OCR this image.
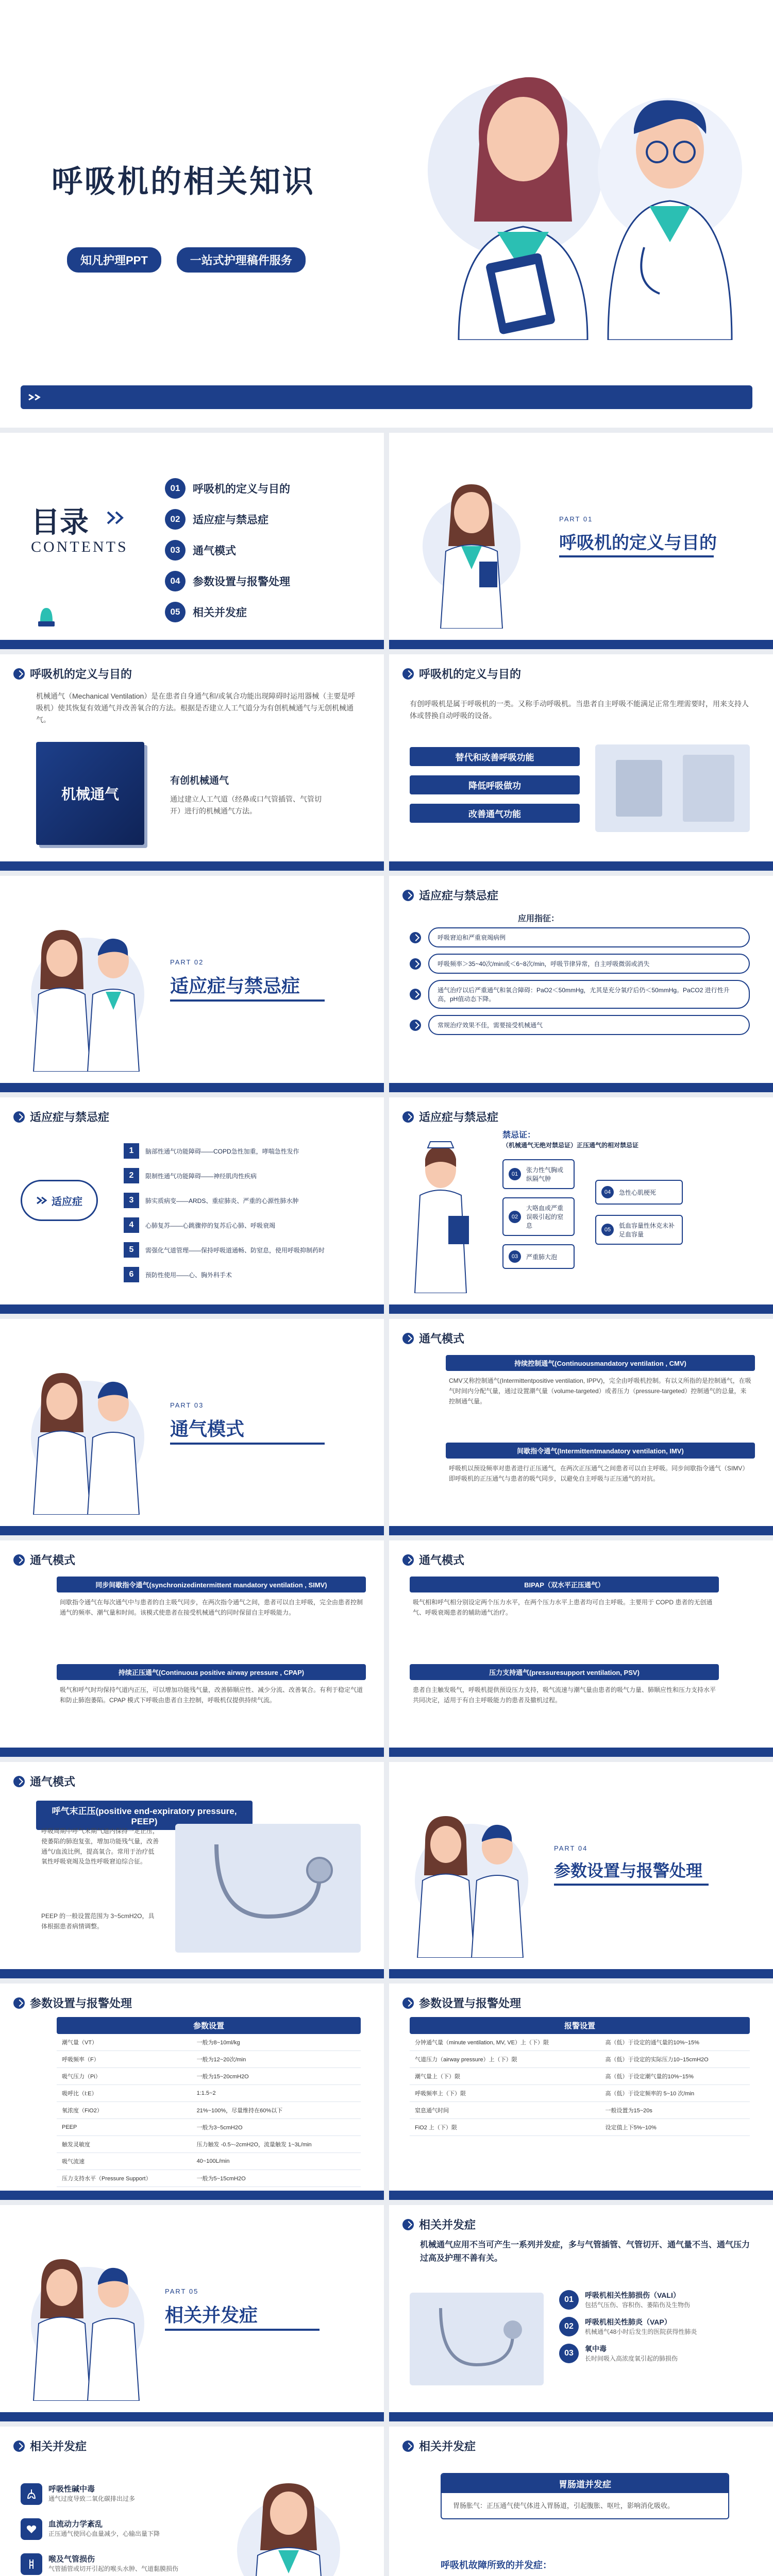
呼吸机的相关知识
知凡护理PPT	一站式护理稿件服务
目录
CONTENTS
01	呼吸机的定义与目的
02	适应症与禁忌症
03	通气模式
04	参数设置与报警处理
05	相关并发症
PART 01
呼吸机的定义与目的
呼吸机的定义与目的
机械通气（Mechanical Ventilation）是在患者自身通气和/或氧合功能出现障碍时运用器械（主要是呼吸机）使其恢复有效通气并改善氧合的方法。根据是否建立人工气道分为有创机械通气与无创机械通气。
机械通气
有创机械通气
通过建立人工气道（经鼻或口气管插管、气管切开）进行的机械通气方法。
呼吸机的定义与目的
有创呼吸机是属于呼吸机的一类。又称手动呼吸机。当患者自主呼吸不能满足正常生理需要时，用来支持人体或替换自动呼吸的设备。
替代和改善呼吸功能
降低呼吸做功
改善通气功能
PART 02
适应症与禁忌症
适应症与禁忌症
应用指征：
呼吸窘迫和严重衰竭病例
呼吸频率＞35~40次/min或＜6~8次/min，呼吸节律异常，自主呼吸微弱或消失
通气治疗以后严重通气和氧合障碍：PaO2＜50mmHg，尤其是充分氧疗后仍＜50mmHg。PaCO2 进行性升高，pH值动态下降。
常规治疗效果不佳，需要接受机械通气
适应症与禁忌症
适应症
1	脑部性通气功能障碍——COPD急性加重，哮喘急性发作
2	限制性通气功能障碍——神经肌肉性疾病
3	肺实质病变——ARDS、重症肺炎、严重的心源性肺水肿
4	心肺复苏——心跳骤停的复苏后心肺、呼吸衰竭
5	需强化气道管理——保持呼吸道通畅、防窒息，使用呼吸抑制药时
6	预防性使用——心、胸外科手术
适应症与禁忌症
禁忌证：
（机械通气无绝对禁忌证）正压通气的相对禁忌证
01
张力性气胸或纵隔气肿
02
大咯血或严重误吸引起的窒息
03	严重肺大泡
04	急性心肌梗死
05
低血容量性休克未补足血容量
PART 03
通气模式
通气模式
持续控制通气(Continuousmandatory ventilation , CMV)
CMV又称控制通气(Intermittentpositive ventilation, IPPV)，完全由呼吸机控制。有以义所指的是控制通气，在吸气时间内分配气量，通过设置潮气量（volume-targeted）或者压力（pressure-targeted）控制通气的总量，来控制通气量。
间歇指令通气(Intermittentmandatory ventilation, IMV)
呼吸机以预设频率对患者进行正压通气，在两次正压通气之间患者可以自主呼吸。同步间歇指令通气（SIMV）即呼吸机的正压通气与患者的吸气同步，以避免自主呼吸与正压通气的对抗。
通气模式
同步间歇指令通气(synchronizedintermittent mandatory ventilation , SIMV)
间歇指令通气在每次通气中与患者的自主吸气同步，在两次指令通气之间，患者可以自主呼吸，完全由患者控制通气的频率、潮气量和时间。该模式使患者在接受机械通气的同时保留自主呼吸能力。
持续正压通气(Continuous positive airway pressure , CPAP)
吸气和呼气时均保持气道内正压，可以增加功能残气量，改善肺顺应性、减少分流、改善氧合。有利于稳定气道和防止肺泡萎陷。CPAP 模式下呼吸由患者自主控制，呼吸机仅提供持续气流。
通气模式
BIPAP（双水平正压通气）
吸气相和呼气相分别设定两个压力水平，在两个压力水平上患者均可自主呼吸。主要用于 COPD 患者的无创通气、呼吸衰竭患者的辅助通气治疗。
压力支持通气(pressuresupport ventilation, PSV)
患者自主触发吸气，呼吸机提供预设压力支持，吸气流速与潮气量由患者的吸气力量、肺顺应性和压力支持水平共同决定，适用于有自主呼吸能力的患者及撤机过程。
通气模式
呼气末正压(positive end-expiratory pressure, PEEP)
呼吸周期中呼气末期气道内保持一定正压，使萎陷的肺泡复张，增加功能残气量，改善通气/血流比例，提高氧合。常用于治疗低氧性呼吸衰竭及急性呼吸窘迫综合征。
PEEP 的一般设置范围为 3~5cmH2O，具体根据患者病情调整。
PART 04
参数设置与报警处理
参数设置与报警处理
参数设置
潮气量（VT）	一般为8~10ml/kg
呼吸频率（F）	一般为12~20次/min
吸气压力（Pi）	一般为15~20cmH2O
吸呼比（I:E）	1:1.5~2
氧浓度（FiO2）	21%~100%，尽量维持在60%以下
PEEP	一般为3~5cmH2O
触发灵敏度	压力触发 -0.5~-2cmH2O，流量触发 1~3L/min
吸气流速	40~100L/min
压力支持水平（Pressure Support）	一般为5~15cmH2O
参数设置与报警处理
报警设置
分钟通气量（minute ventilation, MV, VE）上（下）限	高（低）于设定的通气量的10%~15%
气道压力（airway pressure）上（下）限	高（低）于设定的实际压力10~15cmH2O
潮气量上（下）限	高（低）于设定潮气量的10%~15%
呼吸频率上（下）限	高（低）于设定频率的 5~10 次/min
窒息通气时间	一般设置为15~20s
FiO2 上（下）限	设定值上下5%~10%
PART 05
相关并发症
相关并发症
机械通气应用不当可产生一系列并发症，多与气管插管、气管切开、通气量不当、通气压力过高及护理不善有关。
01	呼吸机相关性肺损伤（VALI）
包括气压伤、容积伤、萎陷伤及生物伤
02	呼吸机相关性肺炎（VAP）
机械通气48小时后发生的医院获得性肺炎
03	氧中毒
长时间吸入高浓度氧引起的肺损伤
相关并发症
呼吸性碱中毒
通气过度导致二氧化碳排出过多
血流动力学紊乱
正压通气使回心血量减少，心输出量下降
喉及气管损伤
气管插管或切开引起的喉头水肿、气道黏膜损伤
相关并发症
胃肠道并发症
胃肠胀气：正压通气使气体进入胃肠道，引起腹胀、呕吐，影响消化吸收。
呼吸机故障所致的并发症：
